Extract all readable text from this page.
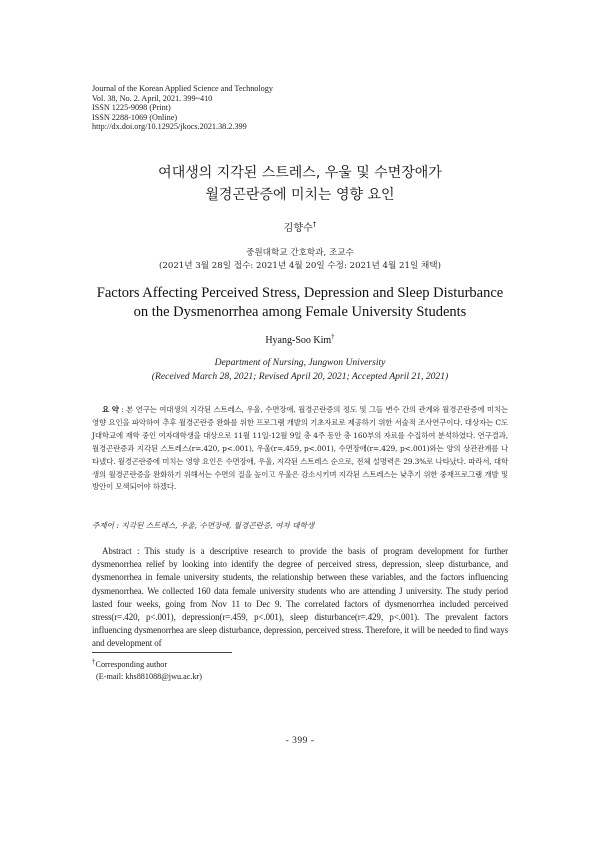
Journal of the Korean Applied Science and Technology
Vol. 38, No. 2. April, 2021. 399~410
ISSN 1225-9098 (Print)
ISSN 2288-1069 (Online)
http://dx.doi.org/10.12925/jkocs.2021.38.2.399
여대생의 지각된 스트레스, 우울 및 수면장애가
월경곤란증에 미치는 영향 요인
김향수†
중원대학교 간호학과, 조교수
(2021년 3월 28일 접수: 2021년 4월 20일 수정: 2021년 4월 21일 채택)
Factors Affecting Perceived Stress, Depression and Sleep Disturbance
on the Dysmenorrhea among Female University Students
Hyang-Soo Kim†
Department of Nursing, Jungwon University
(Received March 28, 2021; Revised April 20, 2021; Accepted April 21, 2021)
요 약 : 본 연구는 여대생의 지각된 스트레스, 우울, 수면장애, 월경곤란증의 정도 및 그들 변수 간의 관계와 월경곤란증에 미치는 영향 요인을 파악하여 추후 월경곤란증 완화를 위한 프로그램 개발의 기초자료로 제공하기 위한 서술적 조사연구이다. 대상자는 C도 J대학교에 재학 중인 여자대학생을 대상으로 11월 11일-12월 9일 총 4주 동안 총 160부의 자료를 수집하여 분석하였다. 연구결과, 월경곤란증과 지각된 스트레스(r=.420, p<.001), 우울(r=.459, p<.001), 수면장애(r=.429, p<.001)와는 양의 상관관계를 나타냈다. 월경곤란증에 미치는 영향 요인은 수면장애, 우울, 지각된 스트레스 순으로, 전체 설명력은 29.3%로 나타났다. 따라서, 대학생의 월경곤란증을 완화하기 위해서는 수면의 질을 높이고 우울은 감소시키며 지각된 스트레스는 낮추기 위한 중재프로그램 개발 및 방안이 모색되어야 하겠다.
주제어 : 지각된 스트레스, 우울, 수면장애, 월경곤란증, 여자 대학생
Abstract : This study is a descriptive research to provide the basis of program development for further dysmenorrhea relief by looking into identify the degree of perceived stress, depression, sleep disturbance, and dysmenorrhea in female university students, the relationship between these variables, and the factors influencing dysmenorrhea. We collected 160 data female university students who are attending J university. The study period lasted four weeks, going from Nov 11 to Dec 9. The correlated factors of dysmenorrhea included perceived stress(r=.420, p<.001), depression(r=.459, p<.001), sleep disturbance(r=.429, p<.001). The prevalent factors influencing dysmenorrhea are sleep disturbance, depression, perceived stress. Therefore, it will be needed to find ways and development of
†Corresponding author
(E-mail: khs881088@jwu.ac.kr)
- 399 -
